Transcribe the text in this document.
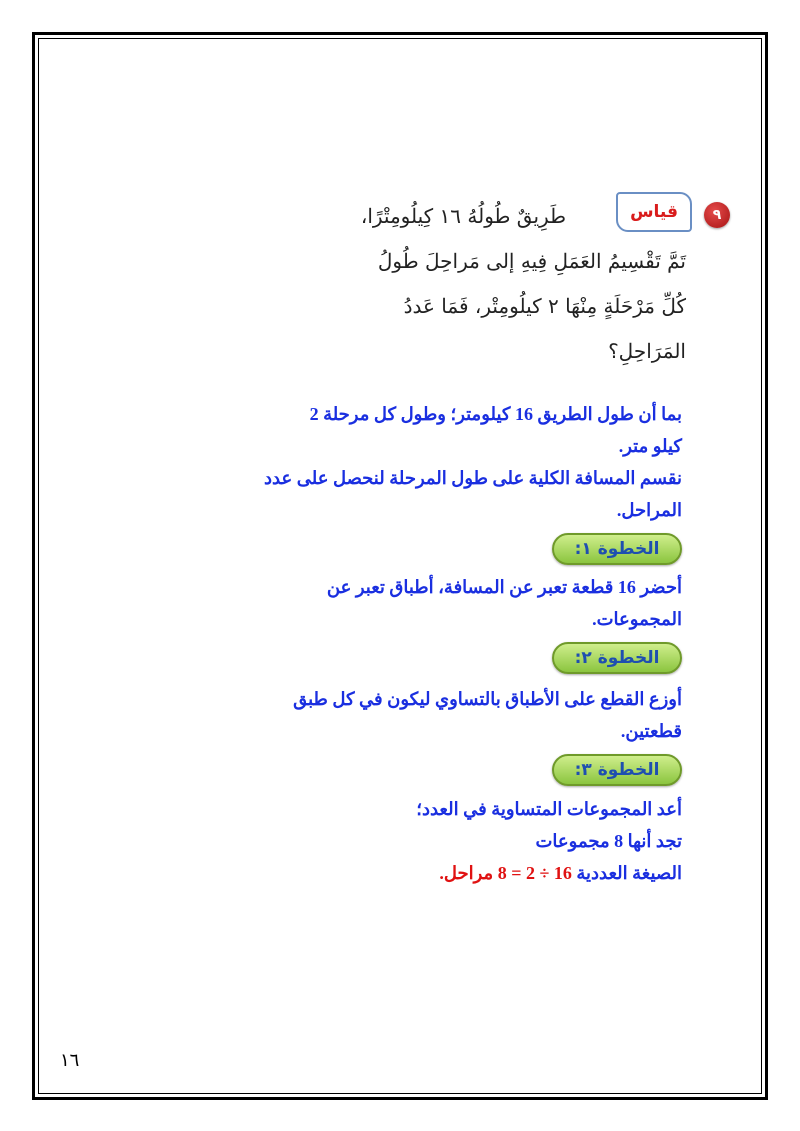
٩
قياس
طَرِيقٌ طُولُهُ ١٦ كِيلُومِتْرًا،
تَمَّ تَقْسِيمُ العَمَلِ فِيهِ إلى مَراحِلَ طُولُ
كُلِّ مَرْحَلَةٍ مِنْهَا ٢ كيلُومِتْر، فَمَا عَددُ
المَرَاحِلِ؟
بما أن طول الطريق 16 كيلومتر؛ وطول كل مرحلة 2
كيلو متر.
نقسم المسافة الكلية على طول المرحلة لنحصل على عدد
المراحل.
الخطوة ١:
أحضر 16 قطعة تعبر عن المسافة، أطباق تعبر عن
المجموعات.
الخطوة ٢:
أوزع القطع على الأطباق بالتساوي ليكون في كل طبق
قطعتين.
الخطوة ٣:
أعد المجموعات المتساوية في العدد؛
تجد أنها 8 مجموعات
الصيغة العددية 16 ÷ 2 = 8 مراحل.
١٦
